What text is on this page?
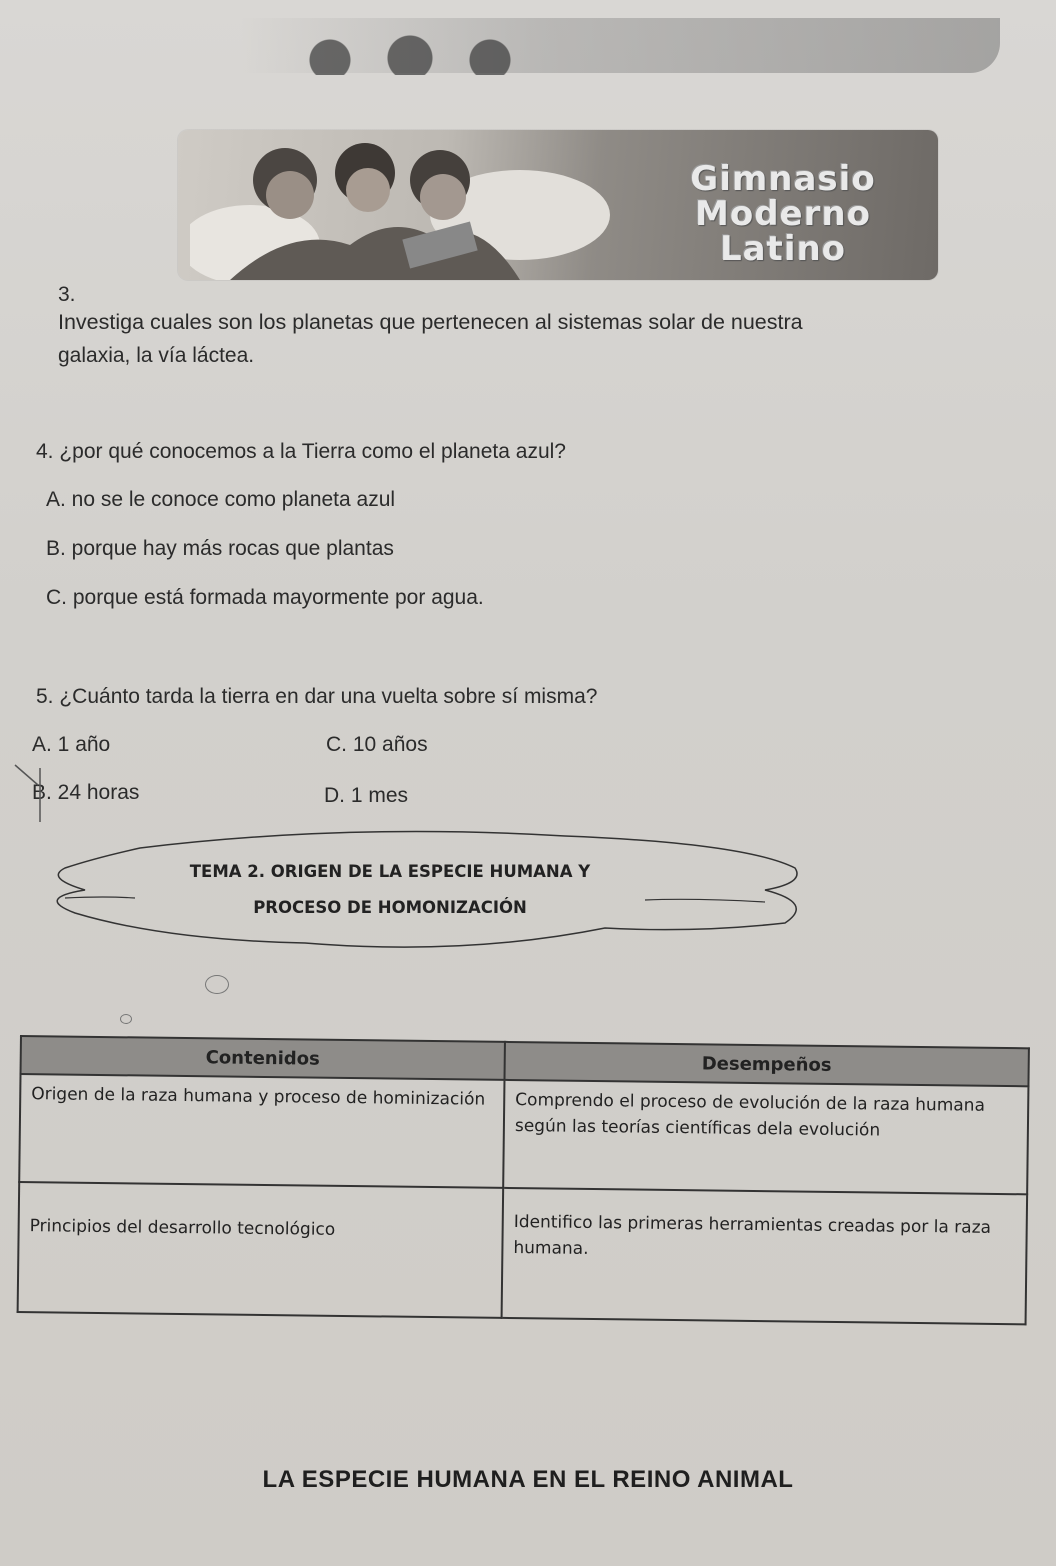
Gimnasio
Moderno
Latino
3.
Investiga cuales son los planetas que pertenecen al sistemas solar de nuestra
galaxia, la vía láctea.
4. ¿por qué conocemos a la Tierra como el planeta azul?
A. no se le conoce como planeta azul
B. porque hay más rocas que plantas
C. porque está formada mayormente por agua.
5. ¿Cuánto tarda la tierra en dar una vuelta sobre sí misma?
A. 1 año	C. 10 años
B. 24 horas	D. 1 mes
TEMA 2. ORIGEN DE LA ESPECIE HUMANA Y
PROCESO DE HOMONIZACIÓN
Contenidos	Desempeños
Origen de la raza humana y proceso de hominización	Comprendo el proceso de evolución de la raza humana según las teorías científicas dela evolución
Principios del desarrollo tecnológico	Identifico las primeras herramientas creadas por la raza humana.
LA ESPECIE HUMANA EN EL REINO ANIMAL
